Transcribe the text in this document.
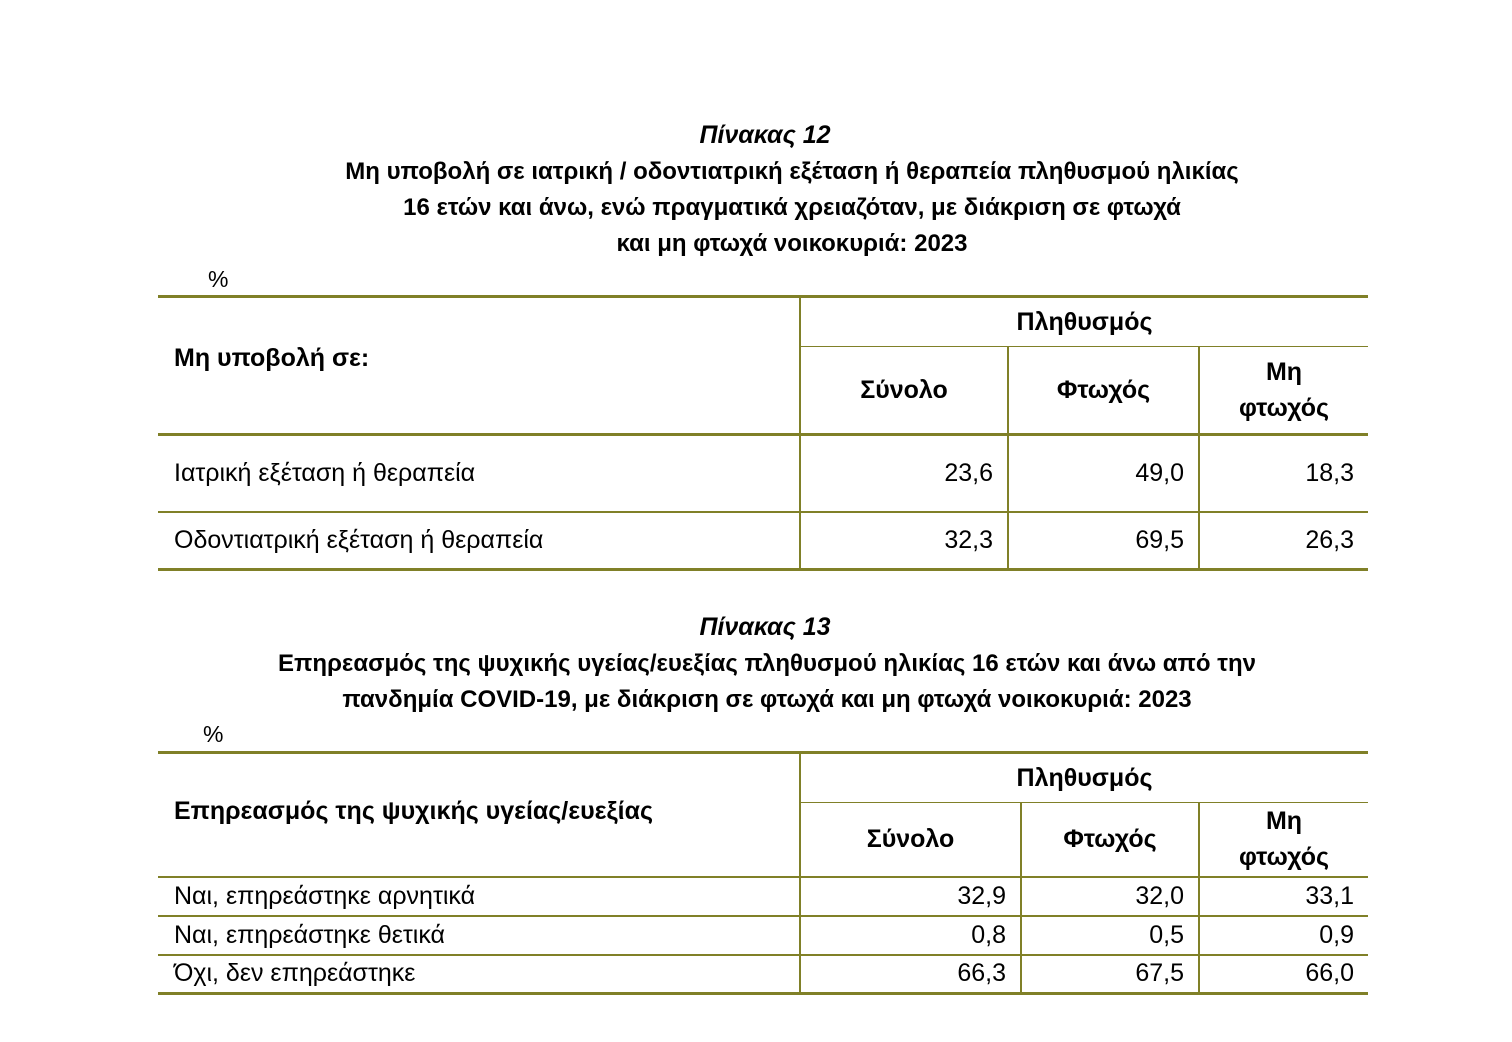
Πίνακας 12
Μη υποβολή σε ιατρική / οδοντιατρική εξέταση ή θεραπεία πληθυσμού ηλικίας
16 ετών και άνω, ενώ πραγματικά χρειαζόταν, με διάκριση σε φτωχά
και μη φτωχά νοικοκυριά: 2023
%
Μη υποβολή σε:	Πληθυσμός		
	Σύνολο	Φτωχός	Μη
φτωχός

Ιατρική εξέταση ή θεραπεία	23,6	49,0	18,3
Οδοντιατρική εξέταση ή θεραπεία	32,3	69,5	26,3
Πίνακας 13
Επηρεασμός της ψυχικής υγείας/ευεξίας πληθυσμού ηλικίας 16 ετών και άνω από την
πανδημία COVID-19, με διάκριση σε φτωχά και μη φτωχά νοικοκυριά: 2023
%
Επηρεασμός της ψυχικής υγείας/ευεξίας	Πληθυσμός		
	Σύνολο	Φτωχός	Μη
φτωχός

Ναι, επηρεάστηκε αρνητικά	32,9	32,0	33,1
Ναι, επηρεάστηκε θετικά	0,8	0,5	0,9
Όχι, δεν επηρεάστηκε	66,3	67,5	66,0
